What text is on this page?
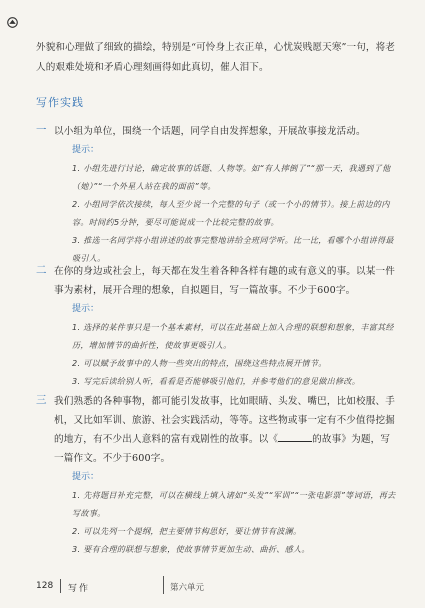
外貌和心理做了细致的描绘，特别是“可怜身上衣正单，心忧炭贱愿天寒”一句，将老人的艰难处境和矛盾心理刻画得如此真切，催人泪下。
写作实践
一 以小组为单位，围绕一个话题，同学自由发挥想象，开展故事接龙活动。
提示：
1. 小组先进行讨论，确定故事的话题、人物等。如“有人摔倒了”“那一天，我遇到了他（她）”“一个外星人站在我的面前”等。
2. 小组同学依次接续，每人至少说一个完整的句子（或一个小的情节）。接上前边的内容。时间约5分钟，要尽可能说成一个比较完整的故事。
3. 推选一名同学将小组讲述的故事完整地讲给全班同学听。比一比，看哪个小组讲得最吸引人。
二 在你的身边或社会上，每天都在发生着各种各样有趣的或有意义的事。以某一件事为素材，展开合理的想象，自拟题目，写一篇故事。不少于600字。
提示：
1. 选择的某件事只是一个基本素材，可以在此基础上加入合理的联想和想象，丰富其经历，增加情节的曲折性，使故事更吸引人。
2. 可以赋予故事中的人物一些突出的特点，围绕这些特点展开情节。
3. 写完后读给别人听，看看是否能够吸引他们，并参考他们的意见做出修改。
三 我们熟悉的各种事物，都可能引发故事，比如眼睛、头发、嘴巴，比如校服、手机，又比如军训、旅游、社会实践活动，等等。这些物或事一定有不少值得挖掘的地方，有不少出人意料的富有戏剧性的故事。以《	的故事》为题，写一篇作文。不少于600字。
提示：
1. 先将题目补充完整，可以在横线上填入诸如“头发”“军训”“一张电影票”等词语，再去写故事。
2. 可以先列一个提纲，把主要情节构思好，要让情节有波澜。
3. 要有合理的联想与想象，使故事情节更加生动、曲折、感人。
128 写作	第六单元
